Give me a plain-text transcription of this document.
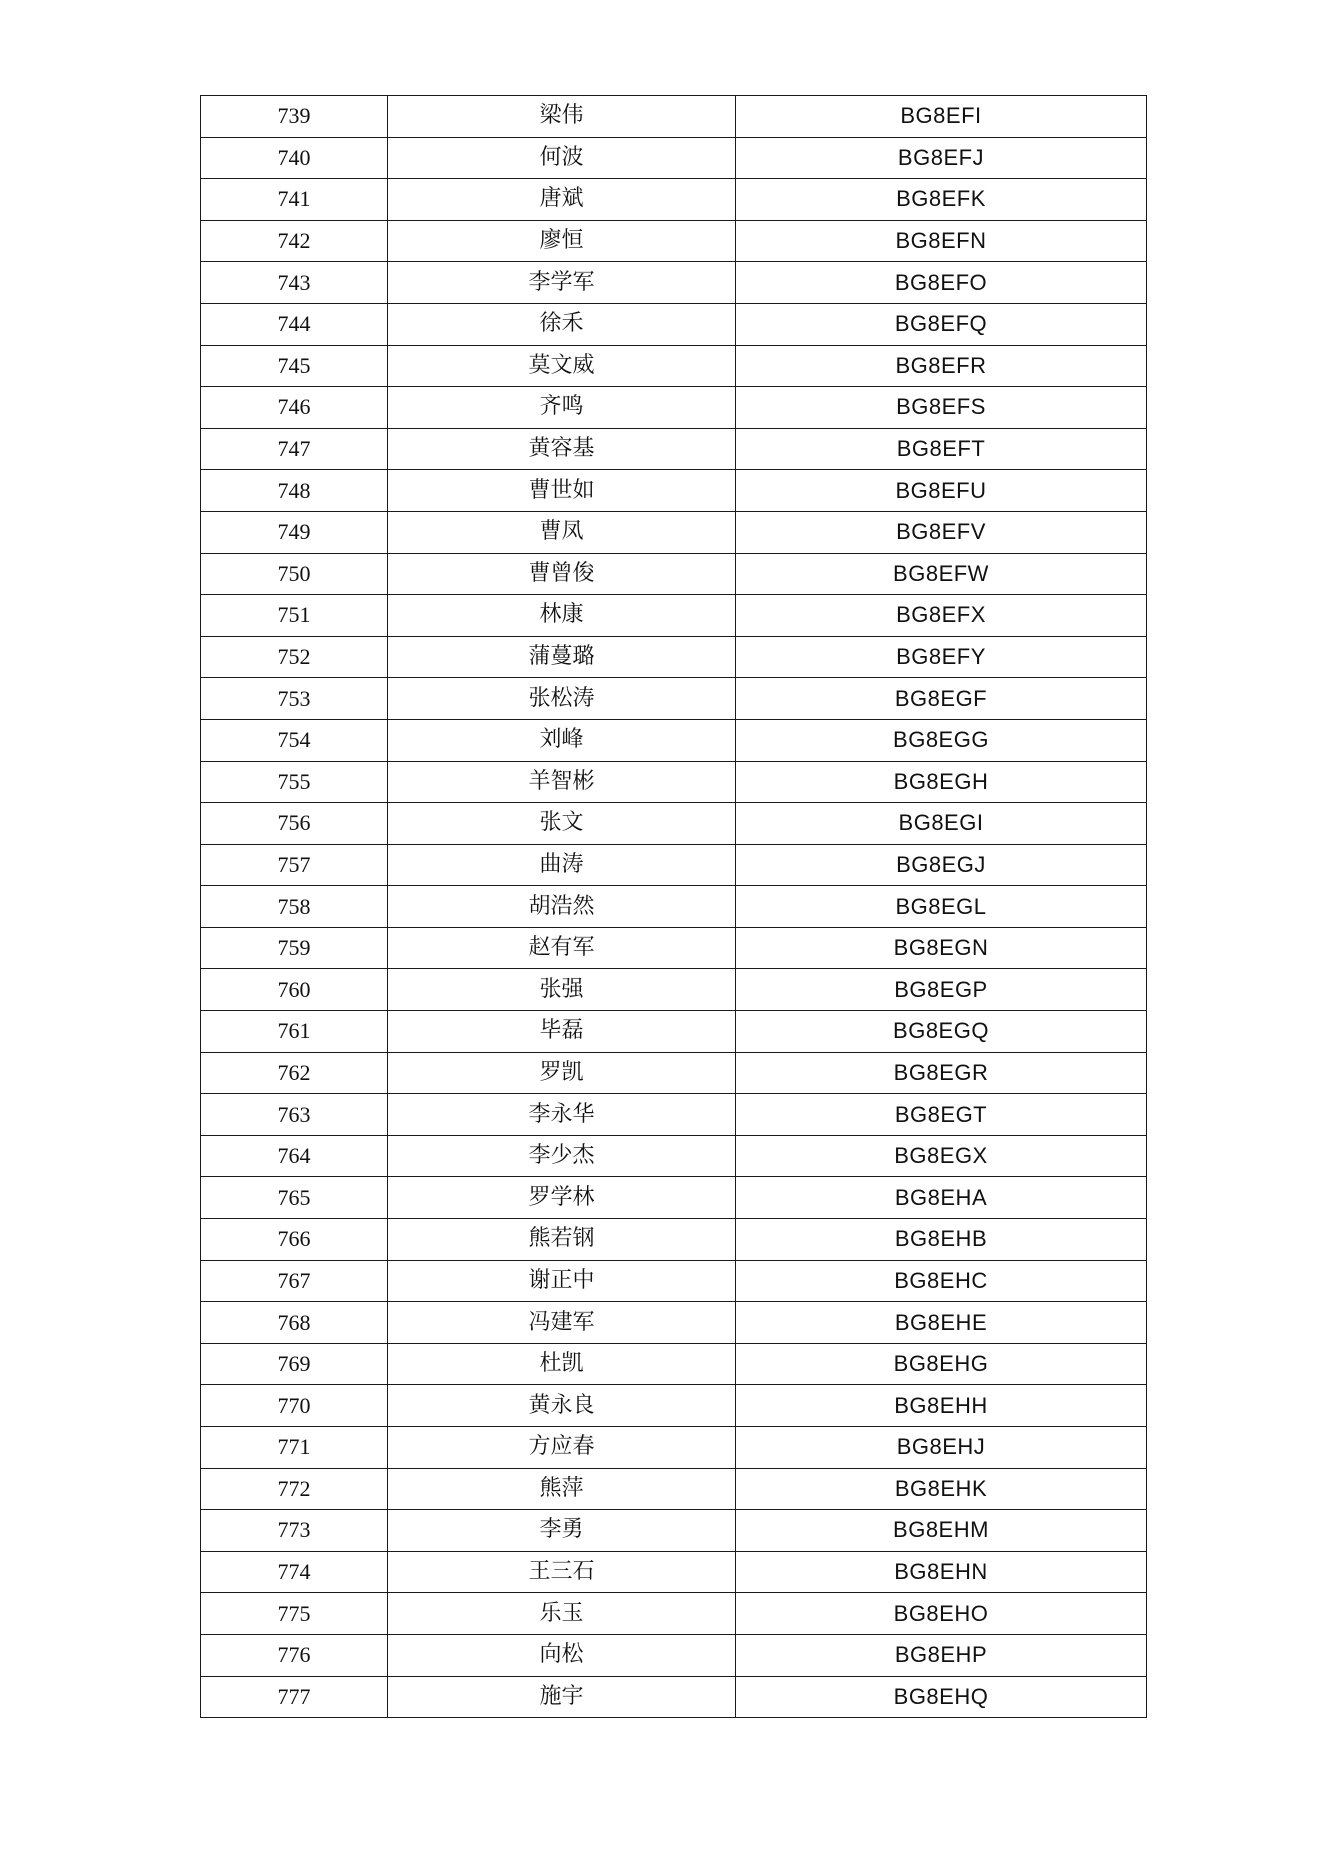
739	梁伟	BG8EFI
740	何波	BG8EFJ
741	唐斌	BG8EFK
742	廖恒	BG8EFN
743	李学军	BG8EFO
744	徐禾	BG8EFQ
745	莫文威	BG8EFR
746	齐鸣	BG8EFS
747	黄容基	BG8EFT
748	曹世如	BG8EFU
749	曹凤	BG8EFV
750	曹曾俊	BG8EFW
751	林康	BG8EFX
752	蒲蔓璐	BG8EFY
753	张松涛	BG8EGF
754	刘峰	BG8EGG
755	羊智彬	BG8EGH
756	张文	BG8EGI
757	曲涛	BG8EGJ
758	胡浩然	BG8EGL
759	赵有军	BG8EGN
760	张强	BG8EGP
761	毕磊	BG8EGQ
762	罗凯	BG8EGR
763	李永华	BG8EGT
764	李少杰	BG8EGX
765	罗学林	BG8EHA
766	熊若钢	BG8EHB
767	谢正中	BG8EHC
768	冯建军	BG8EHE
769	杜凯	BG8EHG
770	黄永良	BG8EHH
771	方应春	BG8EHJ
772	熊萍	BG8EHK
773	李勇	BG8EHM
774	王三石	BG8EHN
775	乐玉	BG8EHO
776	向松	BG8EHP
777	施宇	BG8EHQ
